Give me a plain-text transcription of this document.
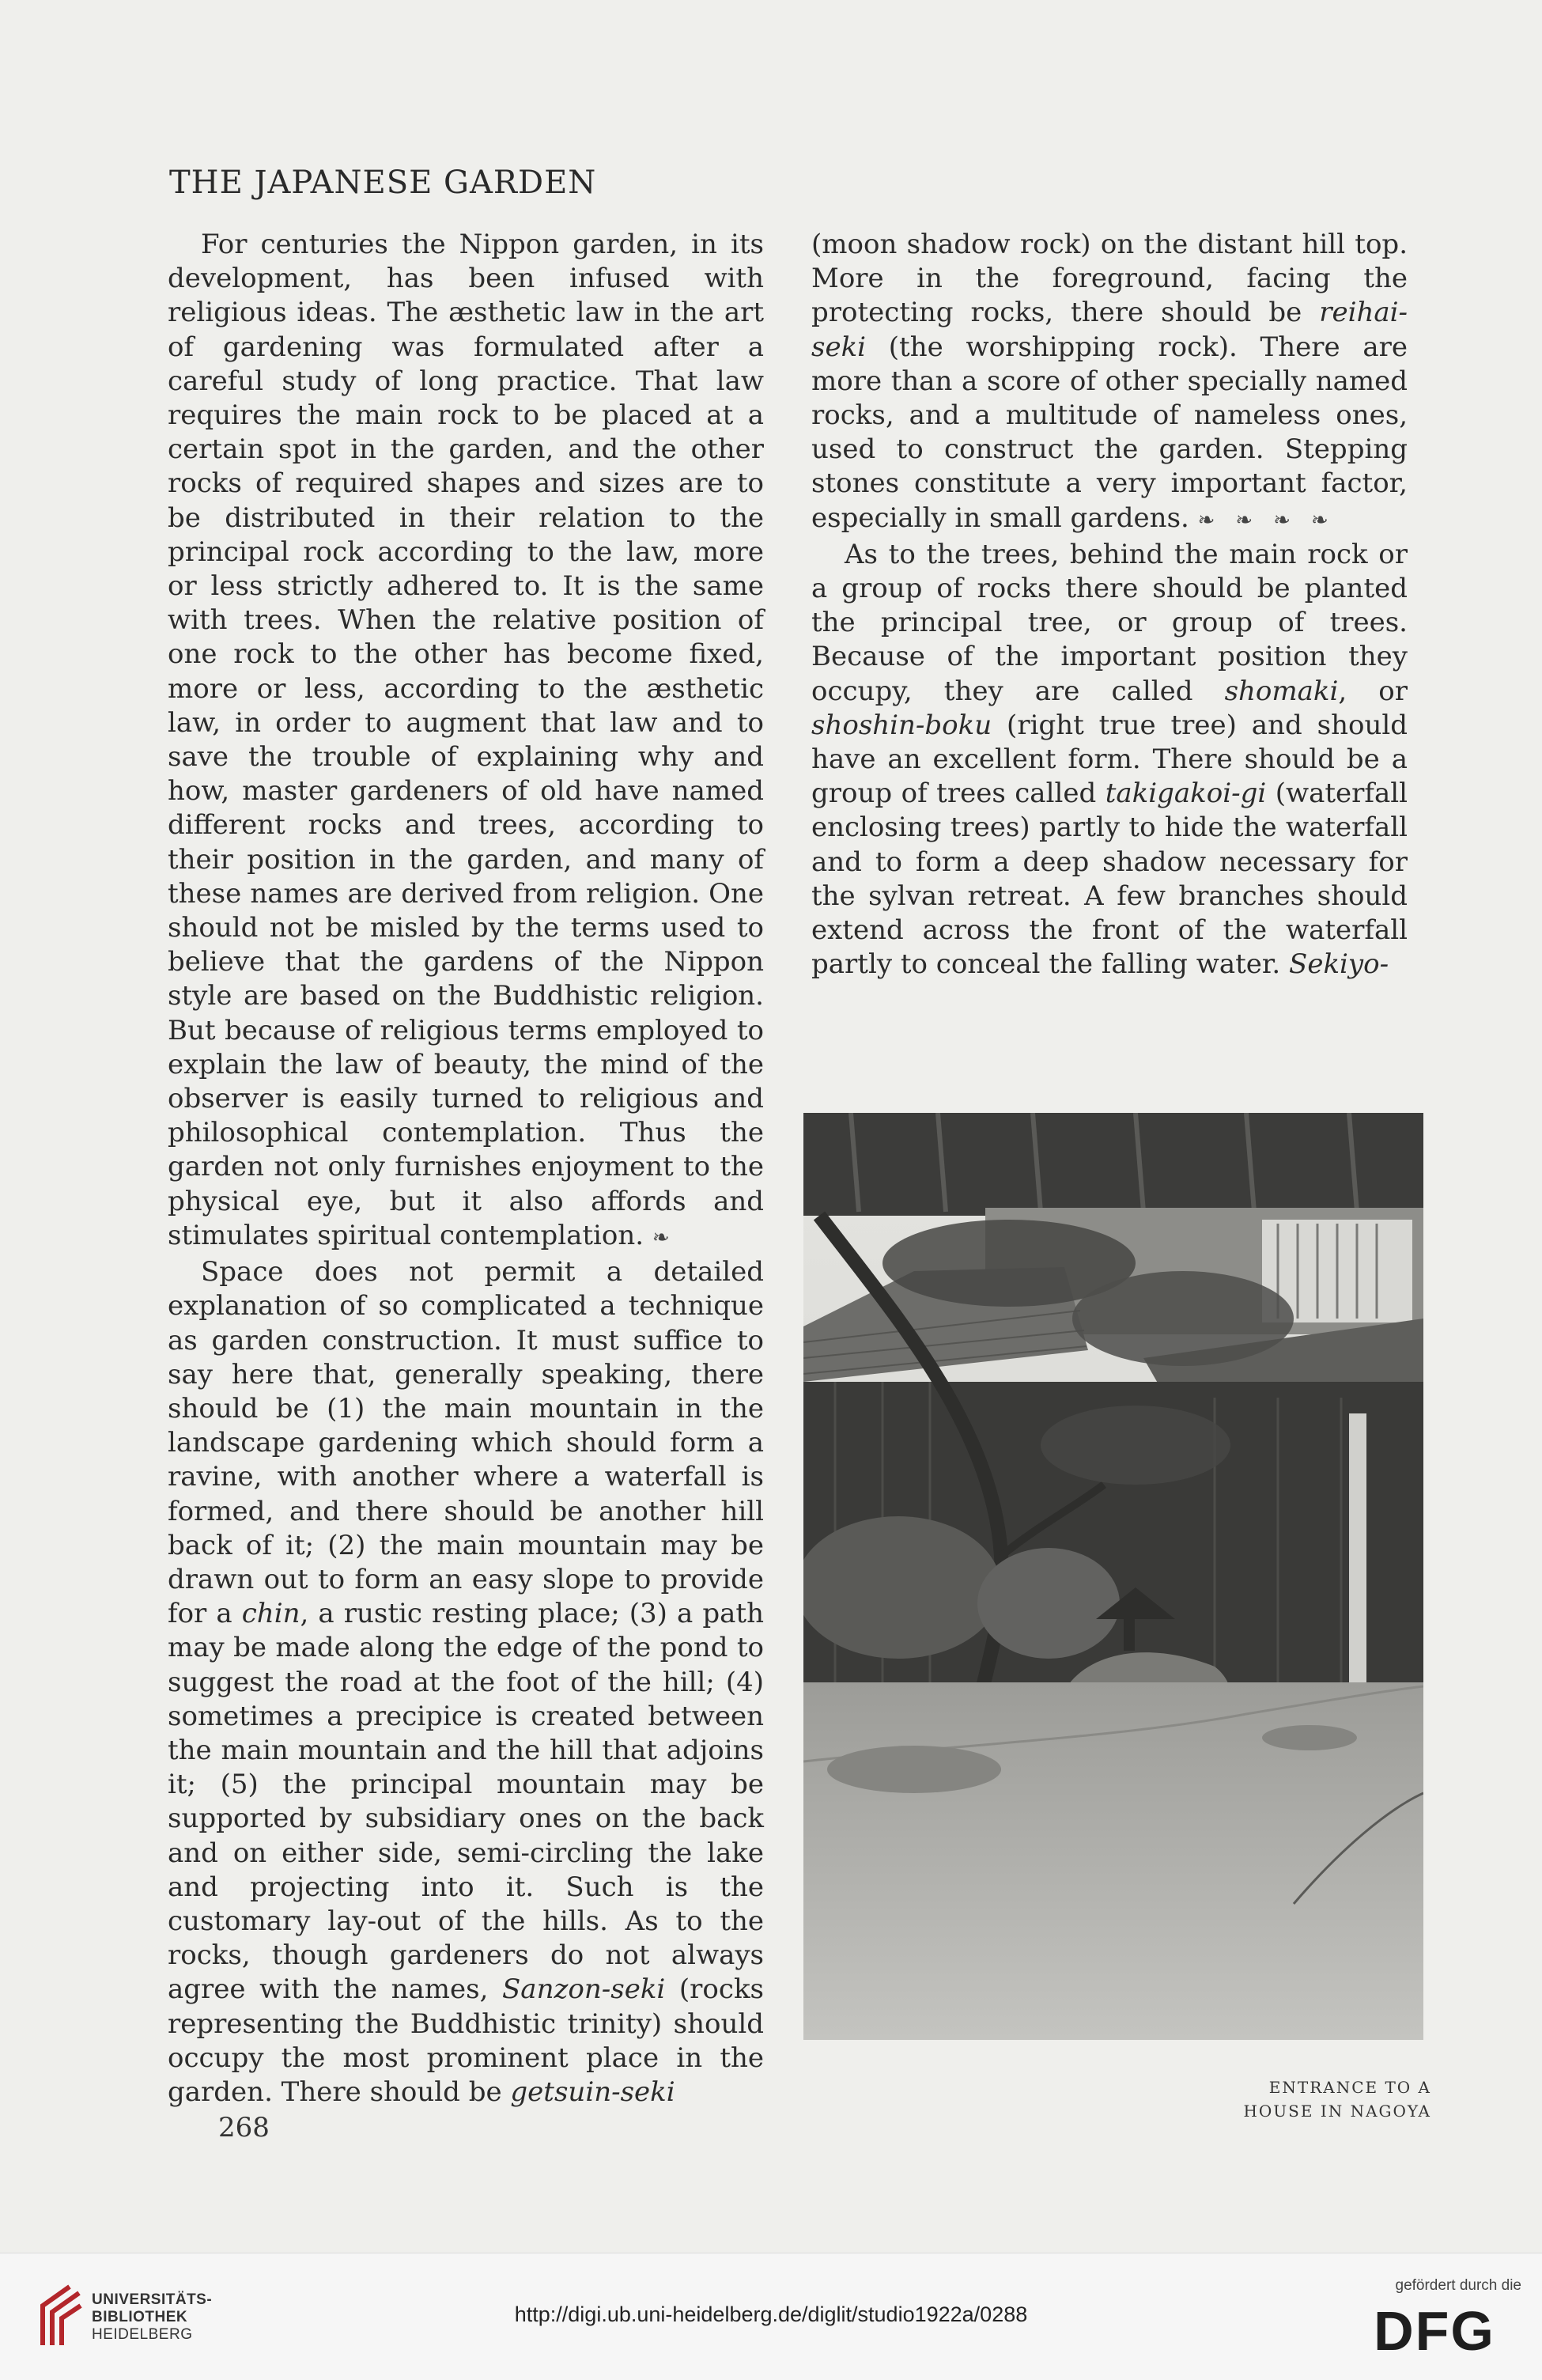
THE JAPANESE GARDEN

For centuries the Nippon garden, in its development, has been infused with religious ideas. The æsthetic law in the art of gardening was formulated after a careful study of long practice. That law requires the main rock to be placed at a certain spot in the garden, and the other rocks of required shapes and sizes are to be distributed in their relation to the principal rock according to the law, more or less strictly adhered to. It is the same with trees. When the relative position of one rock to the other has become fixed, more or less, according to the æsthetic law, in order to augment that law and to save the trouble of explaining why and how, master gardeners of old have named different rocks and trees, according to their position in the garden, and many of these names are derived from religion. One should not be misled by the terms used to believe that the gardens of the Nippon style are based on the Buddhistic religion. But because of religious terms employed to explain the law of beauty, the mind of the observer is easily turned to religious and philosophical contemplation. Thus the garden not only furnishes enjoyment to the physical eye, but it also affords and stimulates spiritual contemplation. ❧

Space does not permit a detailed explanation of so complicated a technique as garden construction. It must suffice to say here that, generally speaking, there should be (1) the main mountain in the landscape gardening which should form a ravine, with another where a waterfall is formed, and there should be another hill back of it; (2) the main mountain may be drawn out to form an easy slope to provide for a chin, a rustic resting place; (3) a path may be made along the edge of the pond to suggest the road at the foot of the hill; (4) sometimes a precipice is created between the main mountain and the hill that adjoins it; (5) the principal mountain may be supported by subsidiary ones on the back and on either side, semi-circling the lake and projecting into it. Such is the customary lay-out of the hills. As to the rocks, though gardeners do not always agree with the names, Sanzon-seki (rocks representing the Buddhistic trinity) should occupy the most prominent place in the garden. There should be getsuin-seki

268

(moon shadow rock) on the distant hill top. More in the foreground, facing the protecting rocks, there should be reihai-seki (the worshipping rock). There are more than a score of other specially named rocks, and a multitude of nameless ones, used to construct the garden. Stepping stones constitute a very important factor, especially in small gardens. ❧ ❧ ❧ ❧

As to the trees, behind the main rock or a group of rocks there should be planted the principal tree, or group of trees. Because of the important position they occupy, they are called shomaki, or shoshin-boku (right true tree) and should have an excellent form. There should be a group of trees called takigakoi-gi (waterfall enclosing trees) partly to hide the waterfall and to form a deep shadow necessary for the sylvan retreat. A few branches should extend across the front of the waterfall partly to conceal the falling water. Sekiyo-

ENTRANCE TO A
HOUSE IN NAGOYA
UNIVERSITÄTS-
BIBLIOTHEK
HEIDELBERG
http://digi.ub.uni-heidelberg.de/diglit/studio1922a/0288
gefördert durch die
DFG
